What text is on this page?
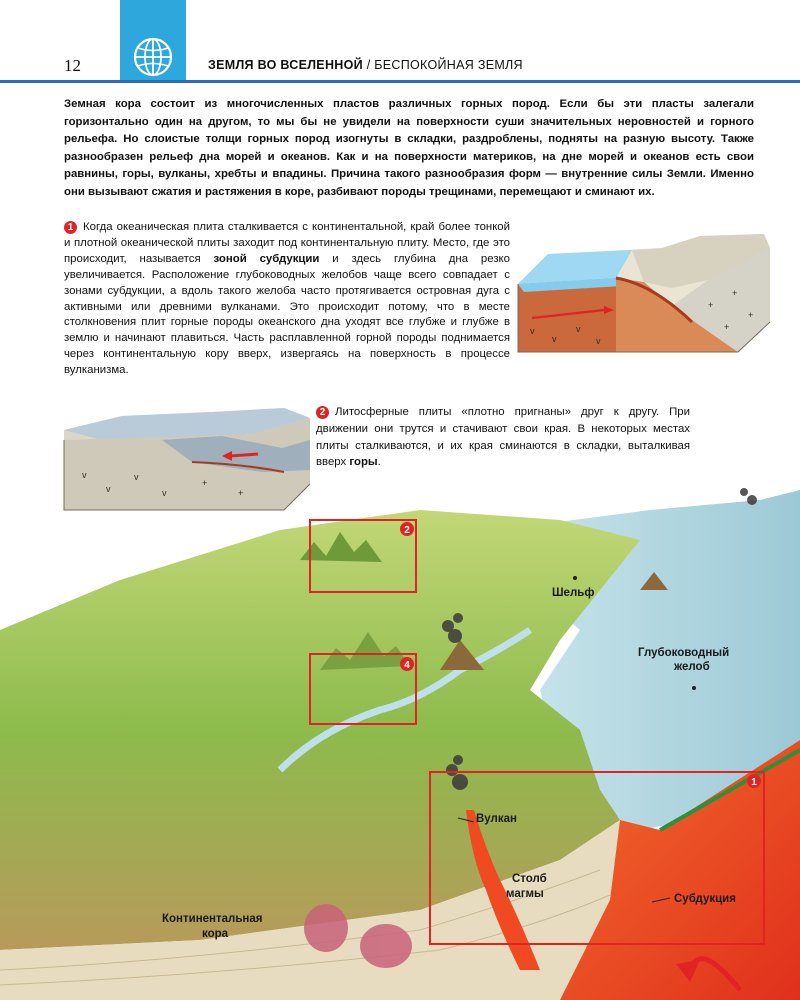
12	ЗЕМЛЯ ВО ВСЕЛЕННОЙ / БЕСПОКОЙНАЯ ЗЕМЛЯ
Земная кора состоит из многочисленных пластов различных горных пород. Если бы эти пласты залегали горизонтально один на другом, то мы бы не увидели на поверхности суши значительных неровностей и горного рельефа. Но слоистые толщи горных пород изогнуты в складки, раздроблены, подняты на разную высоту. Также разнообразен рельеф дна морей и океанов. Как и на поверхности материков, на дне морей и океанов есть свои равнины, горы, вулканы, хребты и впадины. Причина такого разнообразия форм — внутренние силы Земли. Именно они вызывают сжатия и растяжения в коре, разбивают породы трещинами, перемещают и сминают их.
1 Когда океаническая плита сталкивается с континентальной, край более тонкой и плотной океанической плиты заходит под континентальную плиту. Место, где это происходит, называется зоной субдукции и здесь глубина дна резко увеличивается. Расположение глубоководных желобов чаще всего совпадает с зонами субдукции, а вдоль такого желоба часто протягивается островная дуга с активными или древними вулканами. Это происходит потому, что в месте столкновения плит горные породы океанского дна уходят все глубже и глубже в землю и начинают плавиться. Часть расплавленной горной породы поднимается через континентальную кору вверх, извергаясь на поверхность в процессе вулканизма.
2 Литосферные плиты «плотно пригнаны» друг к другу. При движении они трутся и стачивают свои края. В некоторых местах плиты сталкиваются, и их края сминаются в складки, выталкивая вверх горы.
v
v
v
v
+
+
+
+
v
v
v
v
+
+
2
4
1
Шельф
Глубоководный
желоб
Вулкан
Столб
магмы	Субдукция
Континентальная
кора
